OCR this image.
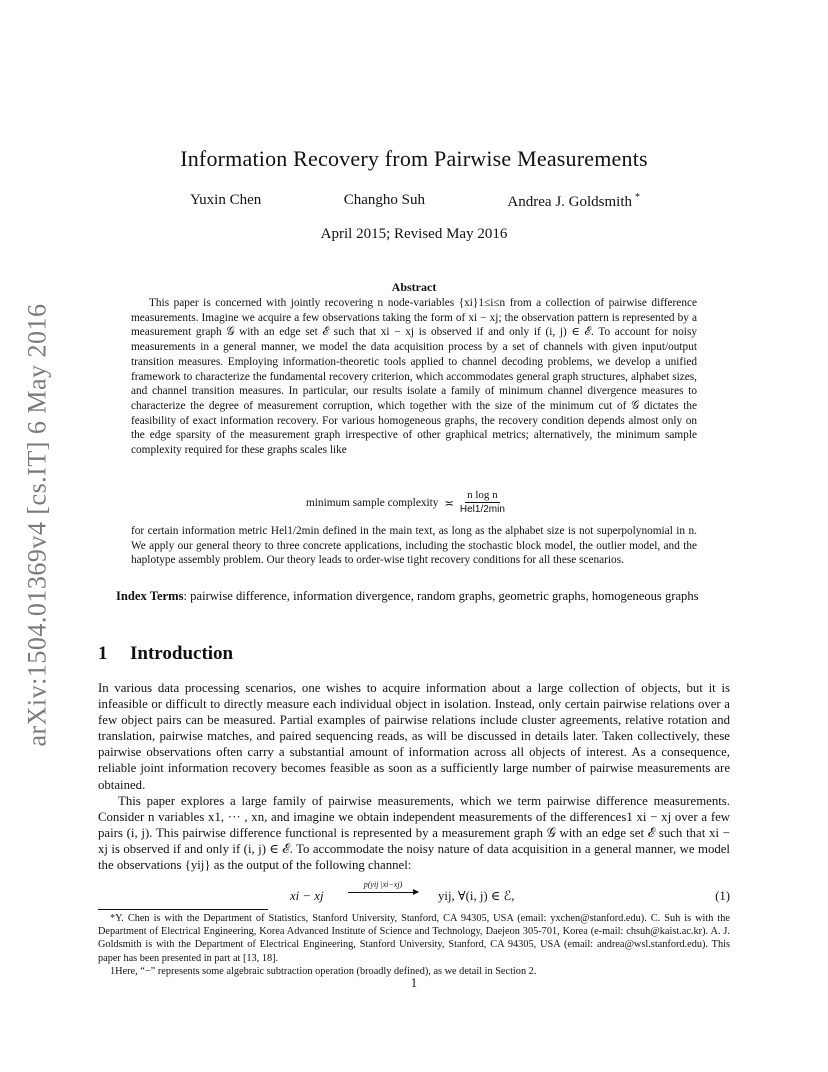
arXiv:1504.01369v4 [cs.IT] 6 May 2016
Information Recovery from Pairwise Measurements
Yuxin Chen	Changho Suh	Andrea J. Goldsmith *
April 2015; Revised May 2016
Abstract

This paper is concerned with jointly recovering n node-variables {xi}1≤i≤n from a collection of pairwise difference measurements. Imagine we acquire a few observations taking the form of xi − xj; the observation pattern is represented by a measurement graph 𝒢 with an edge set ℰ such that xi − xj is observed if and only if (i, j) ∈ ℰ. To account for noisy measurements in a general manner, we model the data acquisition process by a set of channels with given input/output transition measures. Employing information-theoretic tools applied to channel decoding problems, we develop a unified framework to characterize the fundamental recovery criterion, which accommodates general graph structures, alphabet sizes, and channel transition measures. In particular, our results isolate a family of minimum channel divergence measures to characterize the degree of measurement corruption, which together with the size of the minimum cut of 𝒢 dictates the feasibility of exact information recovery. For various homogeneous graphs, the recovery condition depends almost only on the edge sparsity of the measurement graph irrespective of other graphical metrics; alternatively, the minimum sample complexity required for these graphs scales like

minimum sample complexity ≍ $\frac{\text{n log n}}{\text{Hel1/2min}}$

for certain information metric Hel1/2min defined in the main text, as long as the alphabet size is not superpolynomial in n. We apply our general theory to three concrete applications, including the stochastic block model, the outlier model, and the haplotype assembly problem. Our theory leads to order-wise tight recovery conditions for all these scenarios.

Index Terms: pairwise difference, information divergence, random graphs, geometric graphs, homogeneous graphs
1 Introduction

In various data processing scenarios, one wishes to acquire information about a large collection of objects, but it is infeasible or difficult to directly measure each individual object in isolation. Instead, only certain pairwise relations over a few object pairs can be measured. Partial examples of pairwise relations include cluster agreements, relative rotation and translation, pairwise matches, and paired sequencing reads, as will be discussed in details later. Taken collectively, these pairwise observations often carry a substantial amount of information across all objects of interest. As a consequence, reliable joint information recovery becomes feasible as soon as a sufficiently large number of pairwise measurements are obtained.

This paper explores a large family of pairwise measurements, which we term pairwise difference measurements. Consider n variables x1, ··· , xn, and imagine we obtain independent measurements of the differences1 xi − xj over a few pairs (i, j). This pairwise difference functional is represented by a measurement graph 𝒢 with an edge set ℰ such that xi − xj is observed if and only if (i, j) ∈ ℰ. To accommodate the noisy nature of data acquisition in a general manner, we model the observations {yij} as the output of the following channel:

xi − xj
p(yij |xi−xj)
yij, ∀(i, j) ∈ ℰ,	(1)

*Y. Chen is with the Department of Statistics, Stanford University, Stanford, CA 94305, USA (email: yxchen@stanford.edu). C. Suh is with the Department of Electrical Engineering, Korea Advanced Institute of Science and Technology, Daejeon 305-701, Korea (e-mail: chsuh@kaist.ac.kr). A. J. Goldsmith is with the Department of Electrical Engineering, Stanford University, Stanford, CA 94305, USA (email: andrea@wsl.stanford.edu). This paper has been presented in part at [13, 18].

1Here, “−” represents some algebraic subtraction operation (broadly defined), as we detail in Section 2.

1
